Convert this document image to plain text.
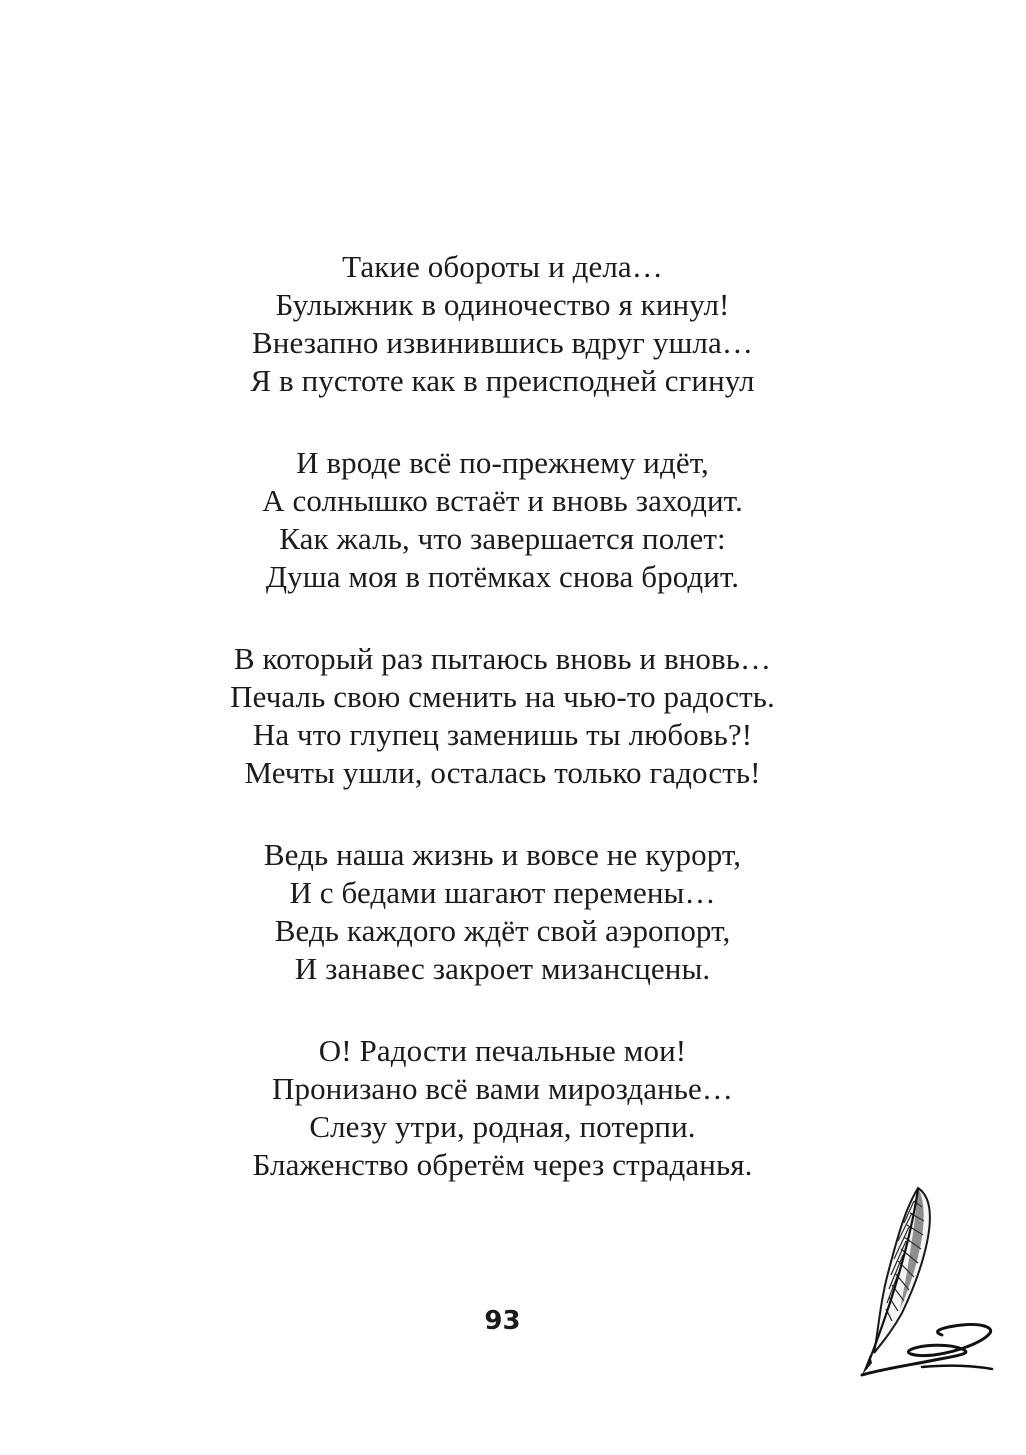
Такие обороты и дела…
Булыжник в одиночество я кинул!
Внезапно извинившись вдруг ушла…
Я в пустоте как в преисподней сгинул
И вроде всё по-прежнему идёт,
А солнышко встаёт и вновь заходит.
Как жаль, что завершается полет:
Душа моя в потёмках снова бродит.
В который раз пытаюсь вновь и вновь…
Печаль свою сменить на чью-то радость.
На что глупец заменишь ты любовь?!
Мечты ушли, осталась только гадость!
Ведь наша жизнь и вовсе не курорт,
И с бедами шагают перемены…
Ведь каждого ждёт свой аэропорт,
И занавес закроет мизансцены.
О! Радости печальные мои!
Пронизано всё вами мирозданье…
Слезу утри, родная, потерпи.
Блаженство обретём через страданья.
93
